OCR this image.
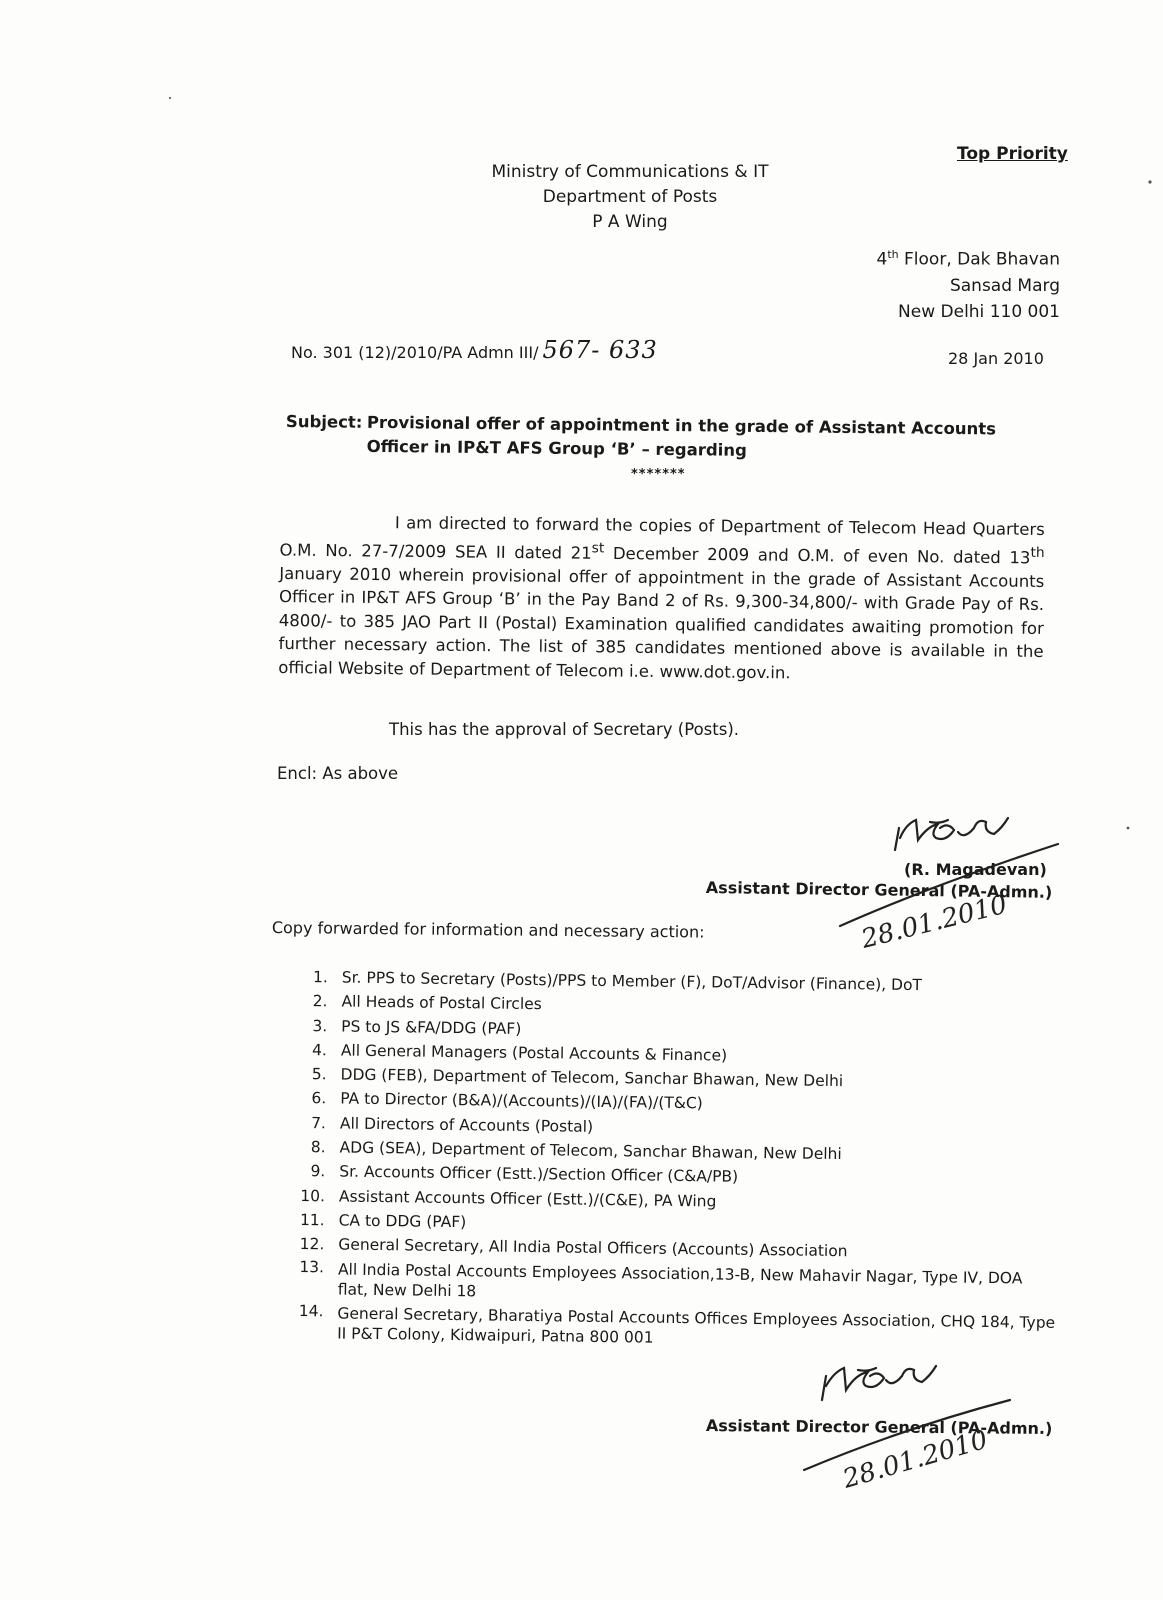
Top Priority
Ministry of Communications & IT
Department of Posts
P A Wing
4th Floor, Dak Bhavan
Sansad Marg
New Delhi 110 001
No. 301 (12)/2010/PA Admn III/ 567- 633	28 Jan 2010
Subject: Provisional offer of appointment in the grade of Assistant Accounts Officer in IP&T AFS Group ‘B’ – regarding
*******
I am directed to forward the copies of Department of Telecom Head Quarters O.M. No. 27-7/2009 SEA II dated 21st December 2009 and O.M. of even No. dated 13th January 2010 wherein provisional offer of appointment in the grade of Assistant Accounts Officer in IP&T AFS Group ‘B’ in the Pay Band 2 of Rs. 9,300-34,800/- with Grade Pay of Rs. 4800/- to 385 JAO Part II (Postal) Examination qualified candidates awaiting promotion for further necessary action. The list of 385 candidates mentioned above is available in the official Website of Department of Telecom i.e. www.dot.gov.in.
This has the approval of Secretary (Posts).
Encl: As above
(R. Magadevan)
Assistant Director General (PA-Admn.)
Copy forwarded for information and necessary action:
1. Sr. PPS to Secretary (Posts)/PPS to Member (F), DoT/Advisor (Finance), DoT
2. All Heads of Postal Circles
3. PS to JS &FA/DDG (PAF)
4. All General Managers (Postal Accounts & Finance)
5. DDG (FEB), Department of Telecom, Sanchar Bhawan, New Delhi
6. PA to Director (B&A)/(Accounts)/(IA)/(FA)/(T&C)
7. All Directors of Accounts (Postal)
8. ADG (SEA), Department of Telecom, Sanchar Bhawan, New Delhi
9. Sr. Accounts Officer (Estt.)/Section Officer (C&A/PB)
10. Assistant Accounts Officer (Estt.)/(C&E), PA Wing
11. CA to DDG (PAF)
12. General Secretary, All India Postal Officers (Accounts) Association
13. All India Postal Accounts Employees Association,13-B, New Mahavir Nagar, Type IV, DOA flat, New Delhi 18
14. General Secretary, Bharatiya Postal Accounts Offices Employees Association, CHQ 184, Type II P&T Colony, Kidwaipuri, Patna 800 001
Assistant Director General (PA-Admn.)
28.01.2010
28.01.2010
